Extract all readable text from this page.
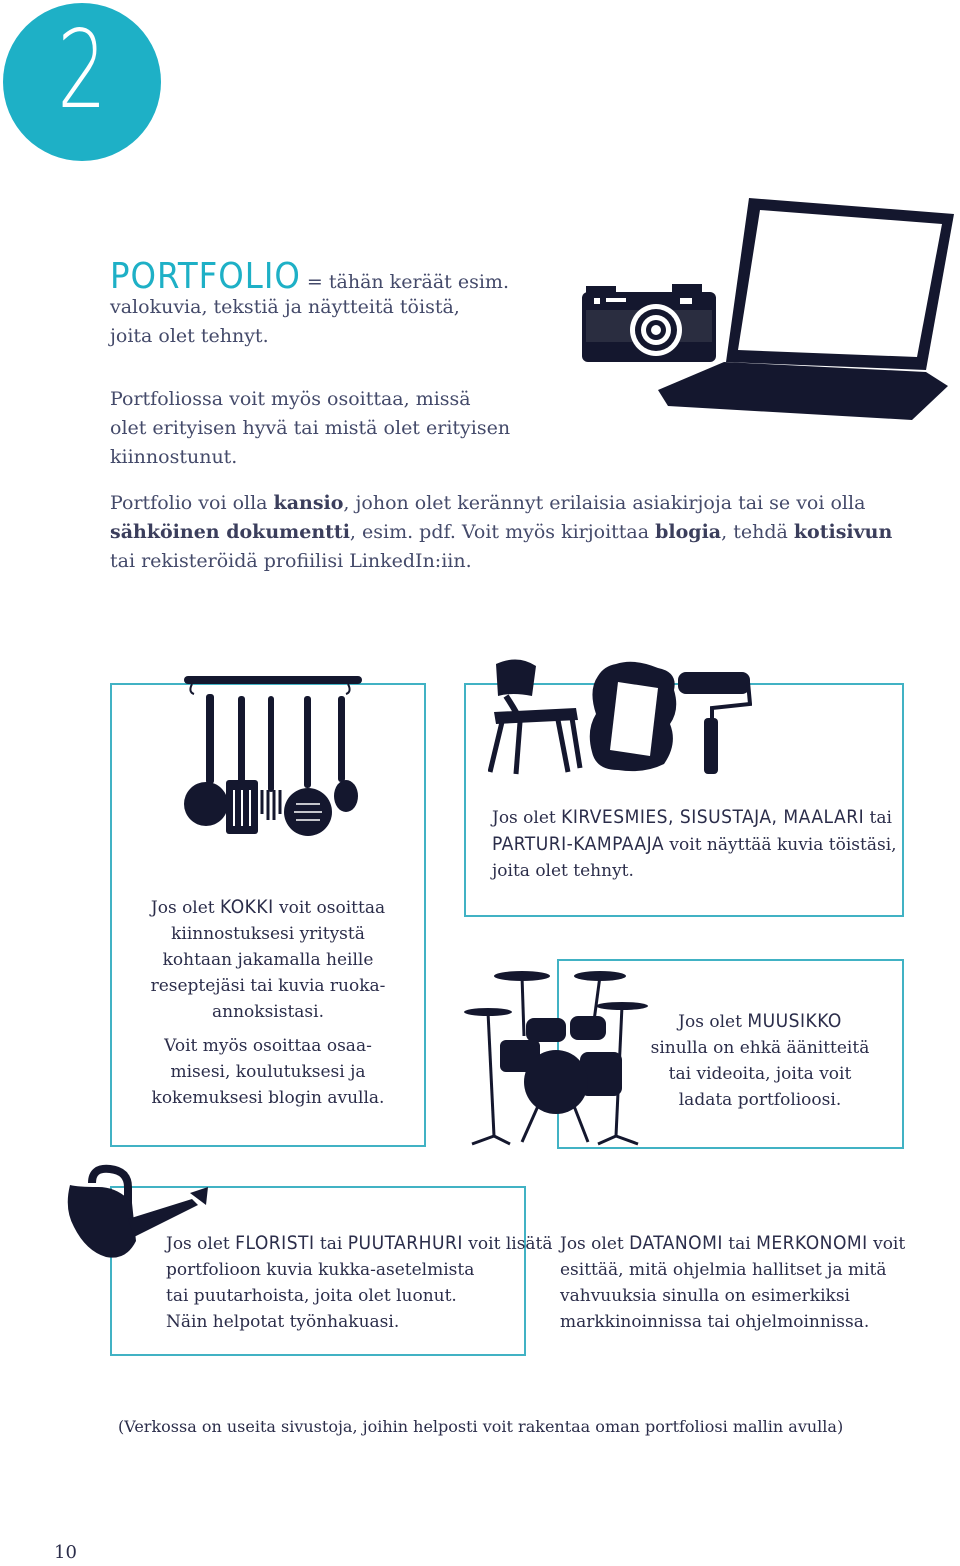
2
PORTFOLIO = tähän keräät esim.
valokuvia, tekstiä ja näytteitä töistä,
joita olet tehnyt.
Portfoliossa voit myös osoittaa, missä
olet erityisen hyvä tai mistä olet erityisen
kiinnostunut.
Portfolio voi olla kansio, johon olet kerännyt erilaisia asiakirjoja tai se voi olla
sähköinen dokumentti, esim. pdf. Voit myös kirjoittaa blogia, tehdä kotisivun
tai rekisteröidä profiilisi LinkedIn:iin.
Jos olet KOKKI voit osoittaa
kiinnostuksesi yritystä
kohtaan jakamalla heille
reseptejäsi tai kuvia ruoka-
annoksistasi.
Voit myös osoittaa osaa-
misesi, koulutuksesi ja
kokemuksesi blogin avulla.
Jos olet KIRVESMIES, SISUSTAJA, MAALARI tai
PARTURI-KAMPAAJA voit näyttää kuvia töistäsi,
joita olet tehnyt.
Jos olet MUUSIKKO
sinulla on ehkä äänitteitä
tai videoita, joita voit
ladata portfolioosi.
Jos olet FLORISTI tai PUUTARHURI voit lisätä
portfolioon kuvia kukka-asetelmista
tai puutarhoista, joita olet luonut.
Näin helpotat työnhakuasi.
Jos olet DATANOMI tai MERKONOMI voit
esittää, mitä ohjelmia hallitset ja mitä
vahvuuksia sinulla on esimerkiksi
markkinoinnissa tai ohjelmoinnissa.
(Verkossa on useita sivustoja, joihin helposti voit rakentaa oman portfoliosi mallin avulla)
10
